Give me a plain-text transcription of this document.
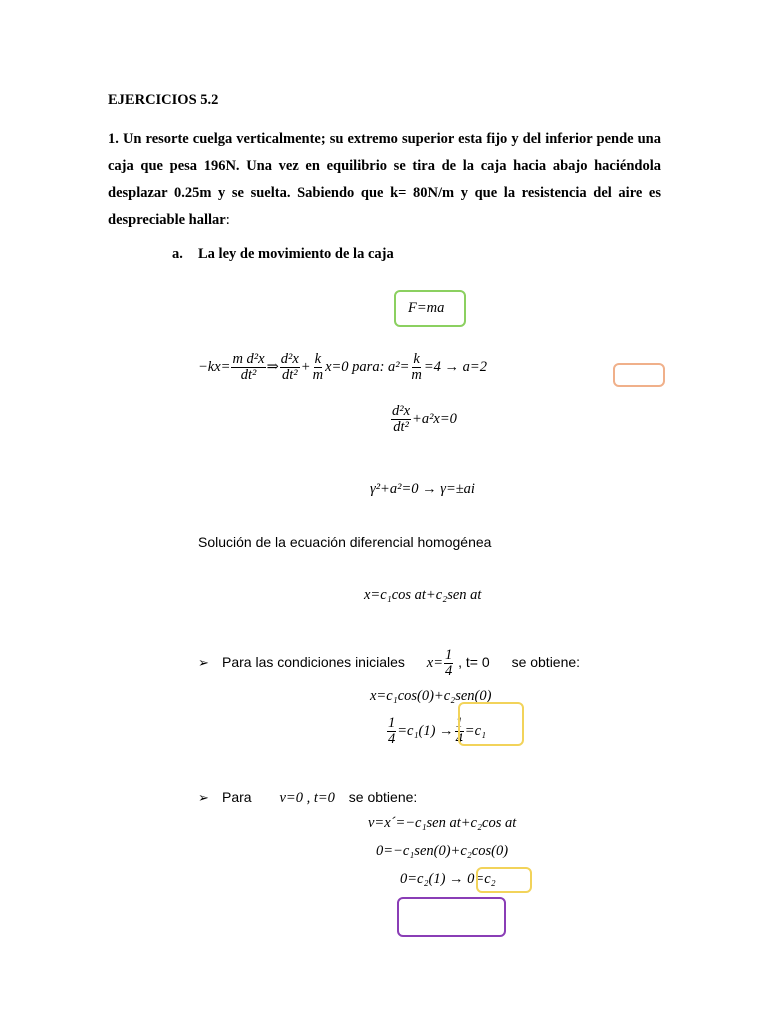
EJERCICIOS 5.2
1. Un resorte cuelga verticalmente; su extremo superior esta fijo y del inferior pende una caja que pesa 196N. Una vez en equilibrio se tira de la caja hacia abajo haciéndola desplazar 0.25m y se suelta. Sabiendo que k= 80N/m y que la resistencia del aire es despreciable hallar:
a. La ley de movimiento de la caja
F=ma
$-kx= \frac{\text{m d²x}}{\text{dt²}}$ ⇒ $\frac{\text{d²x}}{\text{dt²}} + \frac{k}{m} x=0$ para: $a^2= \frac{k}{m} =4 \to a=2$
$\frac{\text{d²x}}{\text{dt²}} +a^2x=0$
γ²+a²=0 → γ=±ai
Solución de la ecuación diferencial homogénea
x=c₁cos at+c₂sen at
➢ Para las condiciones iniciales $x= \frac{1}{4}$ , t= 0 se obtiene:
x=c₁cos(0)+c₂sen(0)
$\frac{1}{4} =c_1(1) \to \frac{1}{4} =c_1$
➢ Para v=0 , t=0 se obtiene:
v=x´=−c₁sen at+c₂cos at
0=−c₁sen(0)+c₂cos(0)
0=c₂(1) → 0=c₂
